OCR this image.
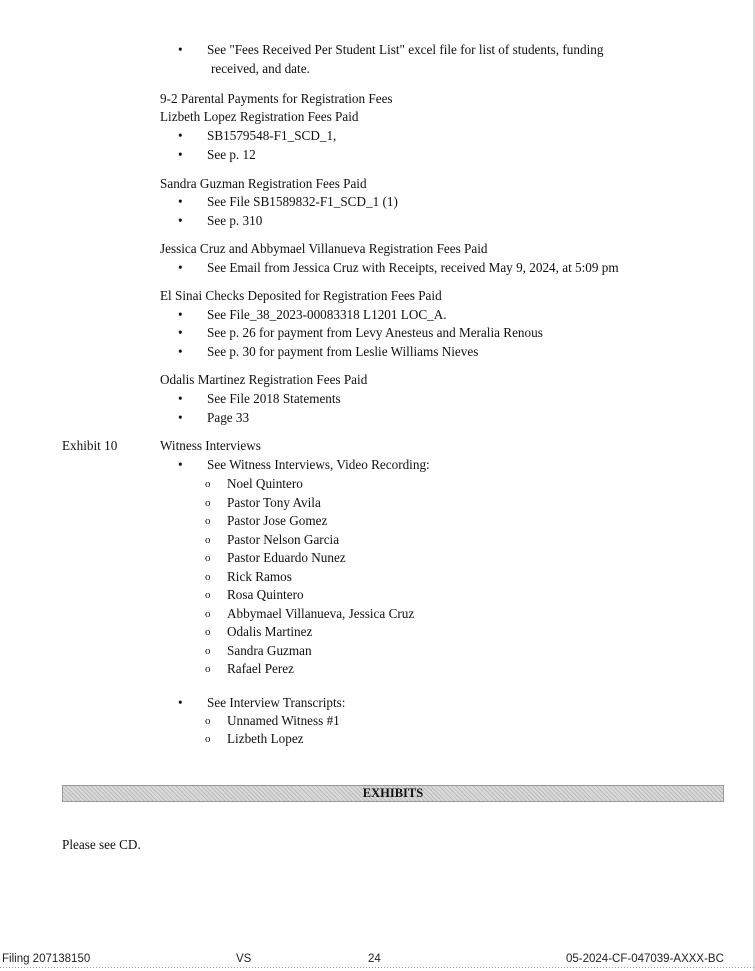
• See "Fees Received Per Student List" excel file for list of students, funding
received, and date.
9-2 Parental Payments for Registration Fees
Lizbeth Lopez Registration Fees Paid
• SB1579548-F1_SCD_1,
• See p. 12
Sandra Guzman Registration Fees Paid
• See File SB1589832-F1_SCD_1 (1)
• See p. 310
Jessica Cruz and Abbymael Villanueva Registration Fees Paid
• See Email from Jessica Cruz with Receipts, received May 9, 2024, at 5:09 pm
El Sinai Checks Deposited for Registration Fees Paid
• See File_38_2023-00083318 L1201 LOC_A.
• See p. 26 for payment from Levy Anesteus and Meralia Renous
• See p. 30 for payment from Leslie Williams Nieves
Odalis Martinez Registration Fees Paid
• See File 2018 Statements
• Page 33
Exhibit 10	Witness Interviews
• See Witness Interviews, Video Recording:
o Noel Quintero
o Pastor Tony Avila
o Pastor Jose Gomez
o Pastor Nelson Garcia
o Pastor Eduardo Nunez
o Rick Ramos
o Rosa Quintero
o Abbymael Villanueva, Jessica Cruz
o Odalis Martinez
o Sandra Guzman
o Rafael Perez
• See Interview Transcripts:
o Unnamed Witness #1
o Lizbeth Lopez
EXHIBITS
Please see CD.
Filing 207138150	VS	24	05-2024-CF-047039-AXXX-BC
